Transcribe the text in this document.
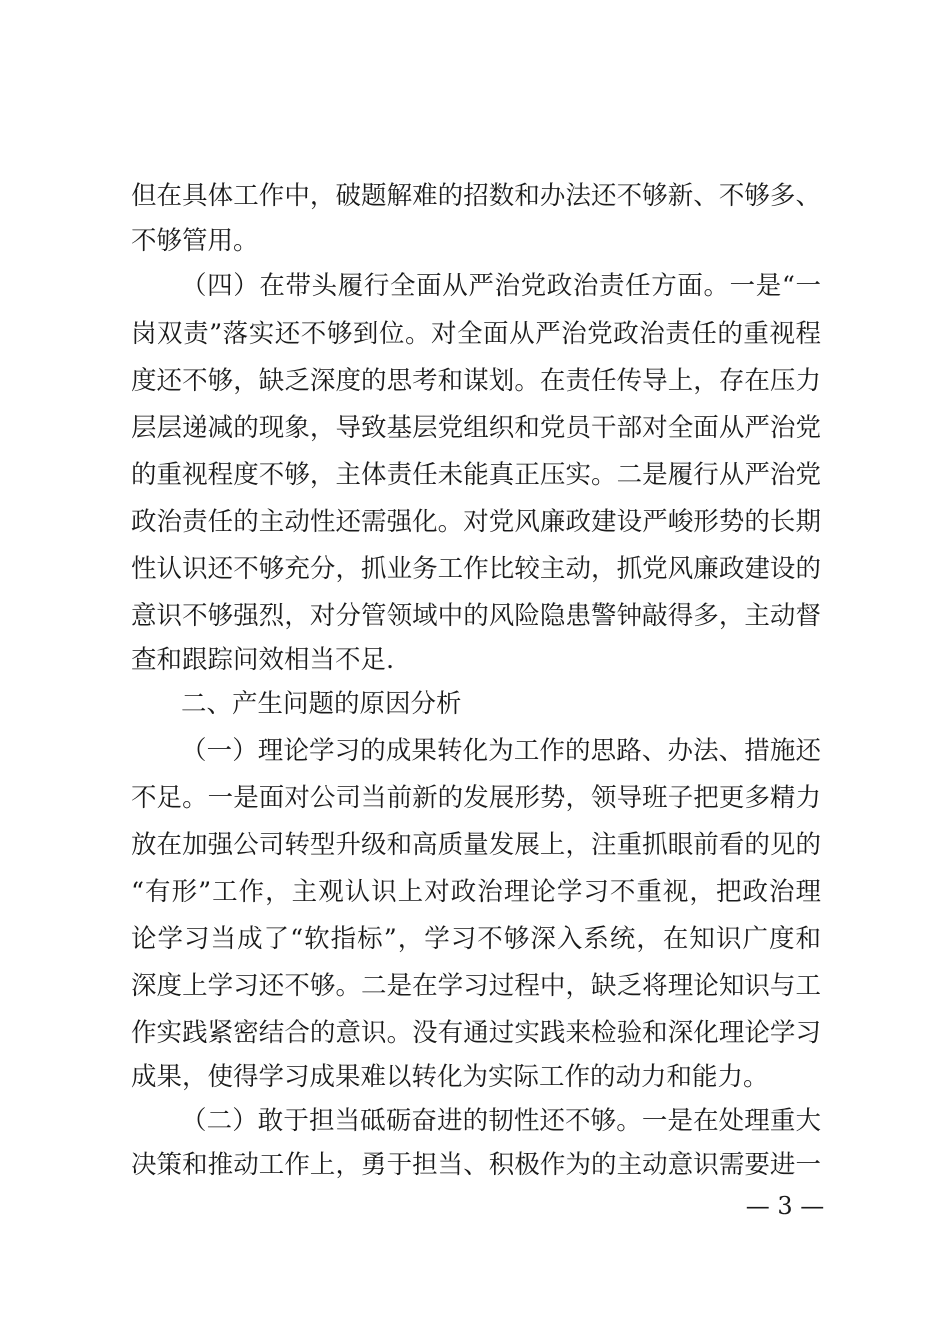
但在具体工作中，破题解难的招数和办法还不够新、不够多、
不够管用。
（四）在带头履行全面从严治党政治责任方面。一是“一
岗双责”落实还不够到位。对全面从严治党政治责任的重视程
度还不够，缺乏深度的思考和谋划。在责任传导上，存在压力
层层递减的现象，导致基层党组织和党员干部对全面从严治党
的重视程度不够，主体责任未能真正压实。二是履行从严治党
政治责任的主动性还需强化。对党风廉政建设严峻形势的长期
性认识还不够充分，抓业务工作比较主动，抓党风廉政建设的
意识不够强烈，对分管领域中的风险隐患警钟敲得多，主动督
查和跟踪问效相当不足.
二、产生问题的原因分析
（一）理论学习的成果转化为工作的思路、办法、措施还
不足。一是面对公司当前新的发展形势，领导班子把更多精力
放在加强公司转型升级和高质量发展上，注重抓眼前看的见的
“有形”工作，主观认识上对政治理论学习不重视，把政治理
论学习当成了“软指标”，学习不够深入系统，在知识广度和
深度上学习还不够。二是在学习过程中，缺乏将理论知识与工
作实践紧密结合的意识。没有通过实践来检验和深化理论学习
成果，使得学习成果难以转化为实际工作的动力和能力。
（二）敢于担当砥砺奋进的韧性还不够。一是在处理重大
决策和推动工作上，勇于担当、积极作为的主动意识需要进一
— 3 —
